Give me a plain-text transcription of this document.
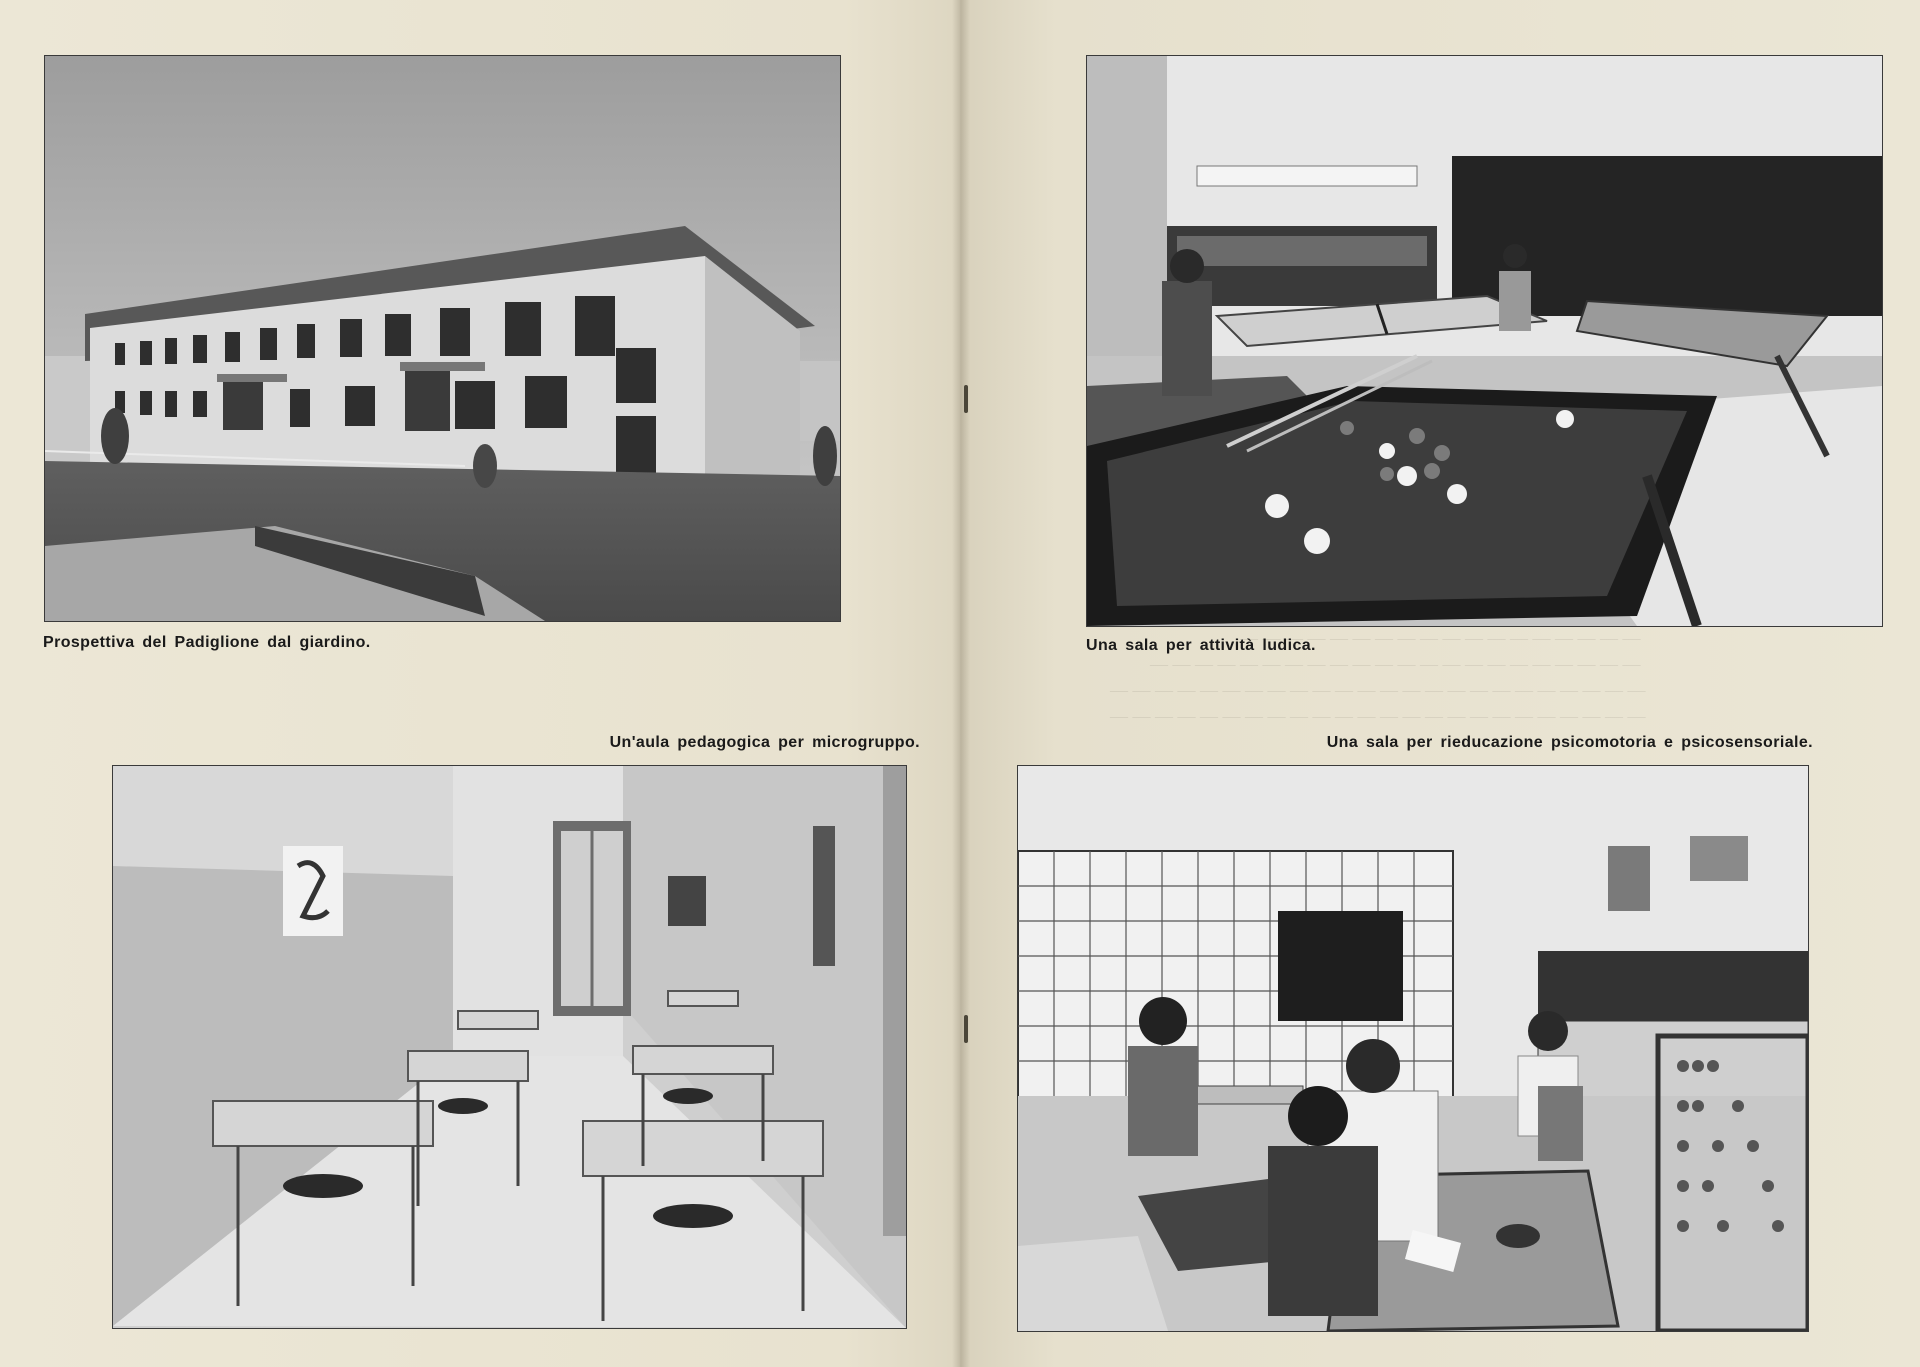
— — — — — — — — — — — — — — — — — —
— — — — — — — — — — — — — — — — — — — — — —
— — — — — — — — — — — — — — — — — — — — — — — —
— — — — — — — — — — — — — — — — — — — — — — — —
Prospettiva del Padiglione dal giardino.
Un'aula pedagogica per microgruppo.
Una sala per attività ludica.
Una sala per rieducazione psicomotoria e psicosensoriale.
